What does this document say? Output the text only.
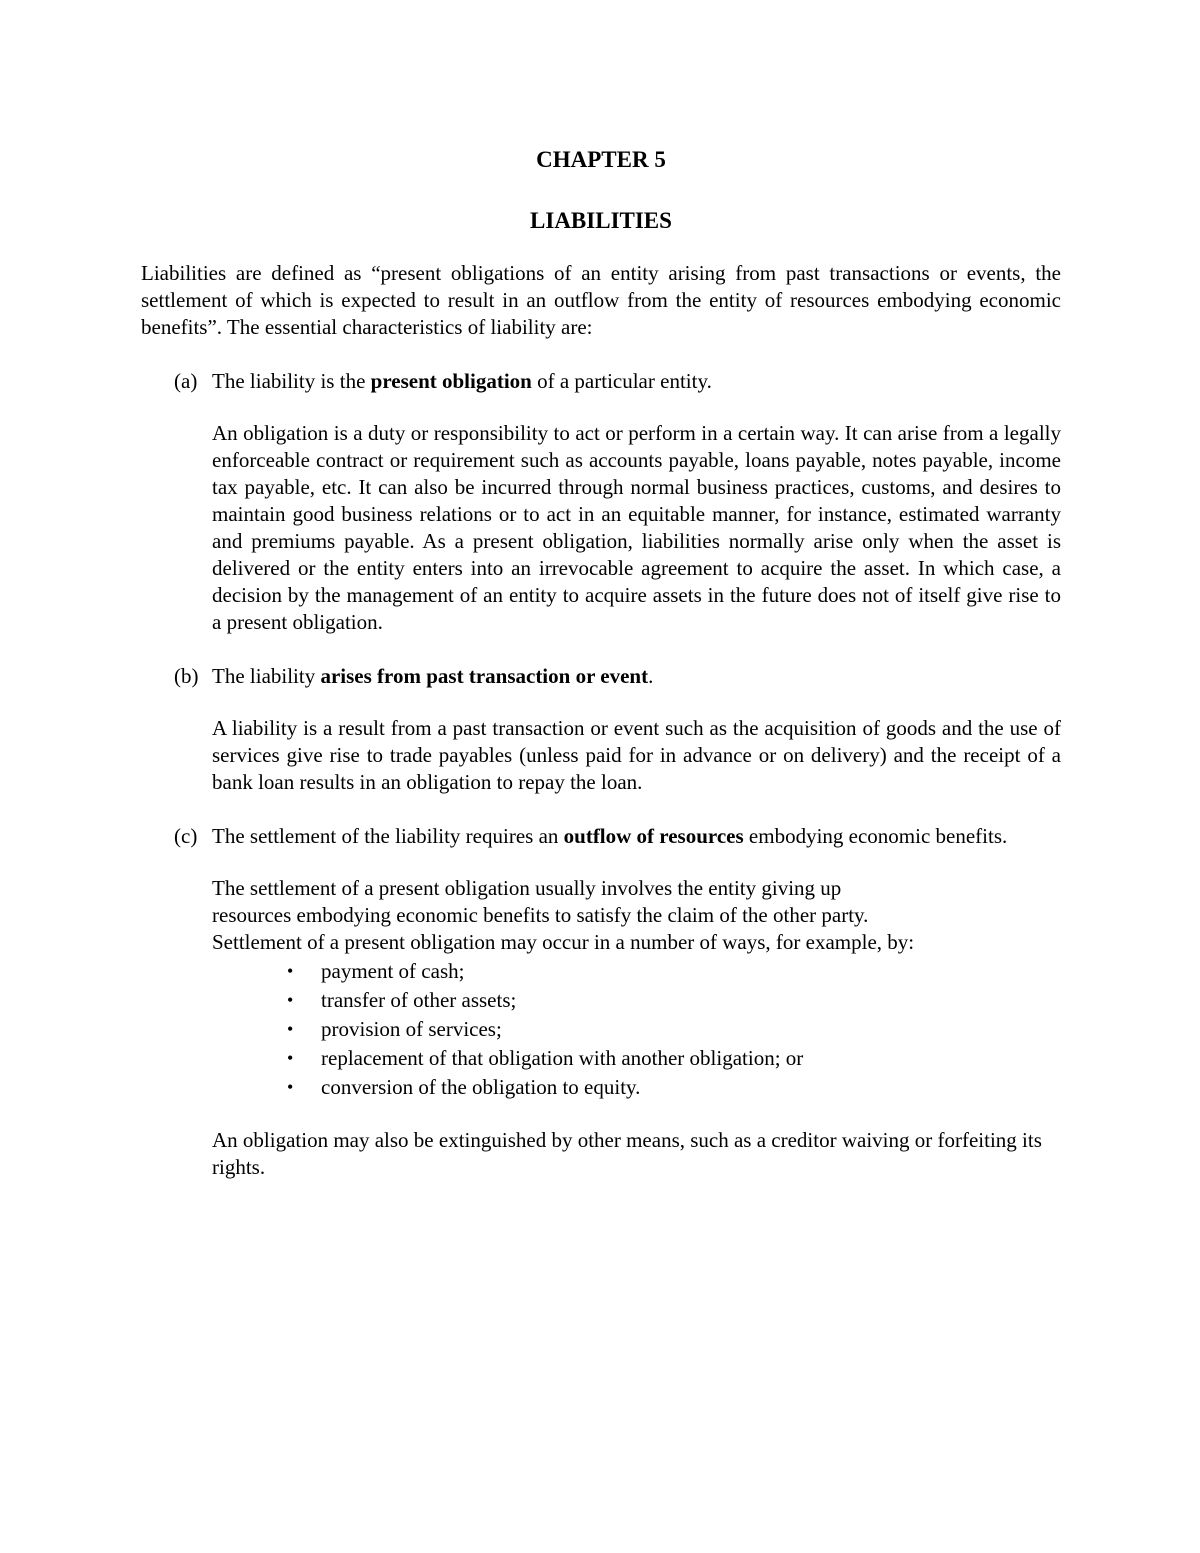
CHAPTER 5
LIABILITIES

Liabilities are defined as “present obligations of an entity arising from past transactions or events, the settlement of which is expected to result in an outflow from the entity of resources embodying economic benefits”. The essential characteristics of liability are:

(a) The liability is the present obligation of a particular entity.

An obligation is a duty or responsibility to act or perform in a certain way. It can arise from a legally enforceable contract or requirement such as accounts payable, loans payable, notes payable, income tax payable, etc. It can also be incurred through normal business practices, customs, and desires to maintain good business relations or to act in an equitable manner, for instance, estimated warranty and premiums payable. As a present obligation, liabilities normally arise only when the asset is delivered or the entity enters into an irrevocable agreement to acquire the asset. In which case, a decision by the management of an entity to acquire assets in the future does not of itself give rise to a present obligation.

(b) The liability arises from past transaction or event.

A liability is a result from a past transaction or event such as the acquisition of goods and the use of services give rise to trade payables (unless paid for in advance or on delivery) and the receipt of a bank loan results in an obligation to repay the loan.

(c) The settlement of the liability requires an outflow of resources embodying economic benefits.

The settlement of a present obligation usually involves the entity giving up
resources embodying economic benefits to satisfy the claim of the other party.
Settlement of a present obligation may occur in a number of ways, for example, by:
• payment of cash;
• transfer of other assets;
• provision of services;
• replacement of that obligation with another obligation; or
• conversion of the obligation to equity.

An obligation may also be extinguished by other means, such as a creditor waiving or forfeiting its rights.
